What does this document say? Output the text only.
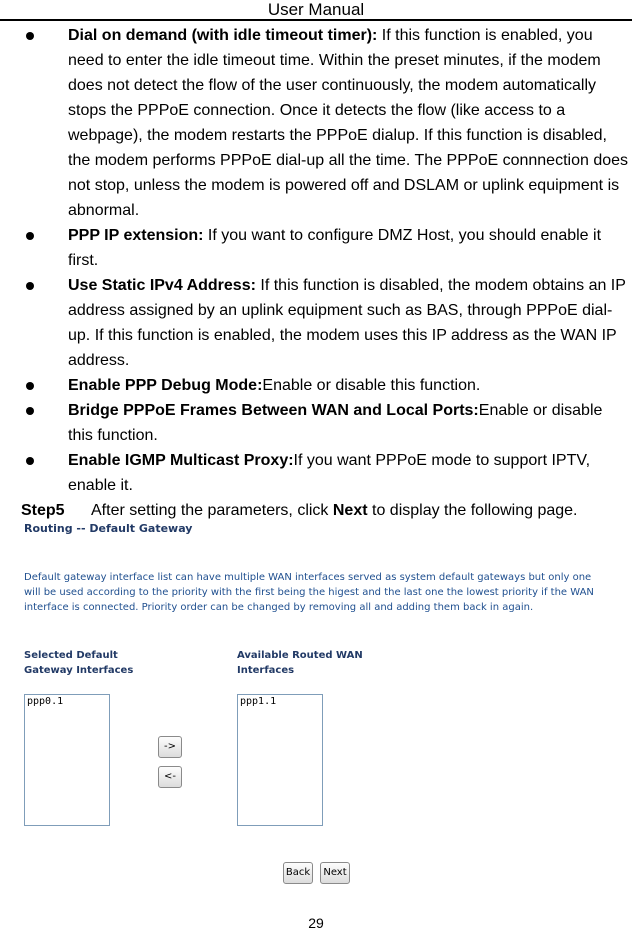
User Manual
Dial on demand (with idle timeout timer): If this function is enabled, you need to enter the idle timeout time. Within the preset minutes, if the modem does not detect the flow of the user continuously, the modem automatically stops the PPPoE connection. Once it detects the flow (like access to a webpage), the modem restarts the PPPoE dialup. If this function is disabled, the modem performs PPPoE dial-up all the time. The PPPoE connnection does not stop, unless the modem is powered off and DSLAM or uplink equipment is abnormal.
PPP IP extension: If you want to configure DMZ Host, you should enable it first.
Use Static IPv4 Address: If this function is disabled, the modem obtains an IP address assigned by an uplink equipment such as BAS, through PPPoE dial-up. If this function is enabled, the modem uses this IP address as the WAN IP address.
Enable PPP Debug Mode:Enable or disable this function.
Bridge PPPoE Frames Between WAN and Local Ports:Enable or disable this function.
Enable IGMP Multicast Proxy:If you want PPPoE mode to support IPTV, enable it.
Step5 After setting the parameters, click Next to display the following page.
Routing -- Default Gateway
Default gateway interface list can have multiple WAN interfaces served as system default gateways but only one will be used according to the priority with the first being the higest and the last one the lowest priority if the WAN interface is connected. Priority order can be changed by removing all and adding them back in again.
Selected Default
Gateway Interfaces
Available Routed WAN
Interfaces
ppp0.1	ppp1.1
->
<-
Back	Next
29
